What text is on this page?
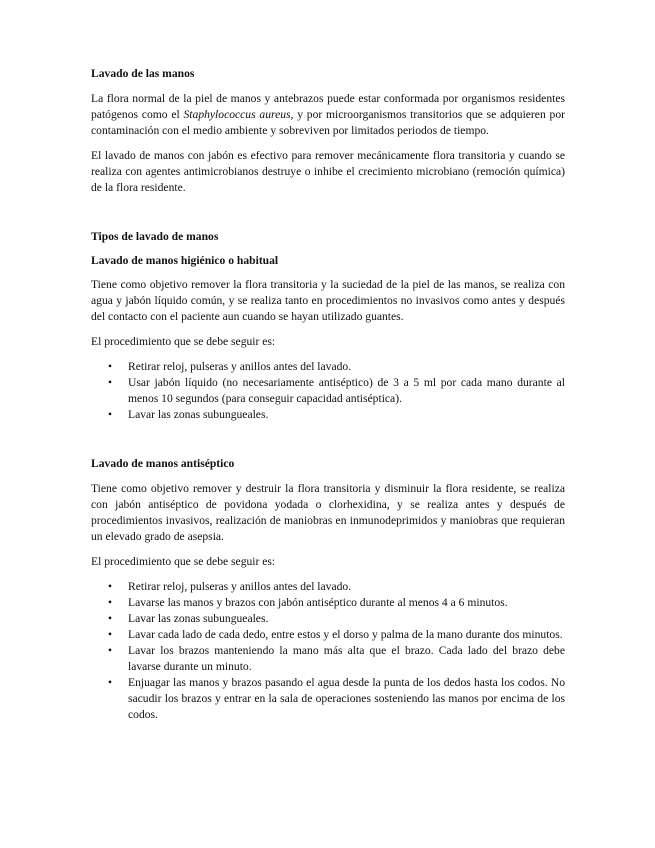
Lavado de las manos

La flora normal de la piel de manos y antebrazos puede estar conformada por organismos residentes patógenos como el Staphylococcus aureus, y por microorganismos transitorios que se adquieren por contaminación con el medio ambiente y sobreviven por limitados periodos de tiempo.

El lavado de manos con jabón es efectivo para remover mecánicamente flora transitoria y cuando se realiza con agentes antimicrobianos destruye o inhibe el crecimiento microbiano (remoción química) de la flora residente.

Tipos de lavado de manos
Lavado de manos higiénico o habitual

Tiene como objetivo remover la flora transitoria y la suciedad de la piel de las manos, se realiza con agua y jabón líquido común, y se realiza tanto en procedimientos no invasivos como antes y después del contacto con el paciente aun cuando se hayan utilizado guantes.

El procedimiento que se debe seguir es:

• Retirar reloj, pulseras y anillos antes del lavado.
• Usar jabón líquido (no necesariamente antiséptico) de 3 a 5 ml por cada mano durante al menos 10 segundos (para conseguir capacidad antiséptica).
• Lavar las zonas subungueales.
Lavado de manos antiséptico

Tiene como objetivo remover y destruir la flora transitoria y disminuir la flora residente, se realiza con jabón antiséptico de povidona yodada o clorhexidina, y se realiza antes y después de procedimientos invasivos, realización de maniobras en inmunodeprimidos y maniobras que requieran un elevado grado de asepsia.

El procedimiento que se debe seguir es:

• Retirar reloj, pulseras y anillos antes del lavado.
• Lavarse las manos y brazos con jabón antiséptico durante al menos 4 a 6 minutos.
• Lavar las zonas subungueales.
• Lavar cada lado de cada dedo, entre estos y el dorso y palma de la mano durante dos minutos.
• Lavar los brazos manteniendo la mano más alta que el brazo. Cada lado del brazo debe lavarse durante un minuto.
• Enjuagar las manos y brazos pasando el agua desde la punta de los dedos hasta los codos. No sacudir los brazos y entrar en la sala de operaciones sosteniendo las manos por encima de los codos.
